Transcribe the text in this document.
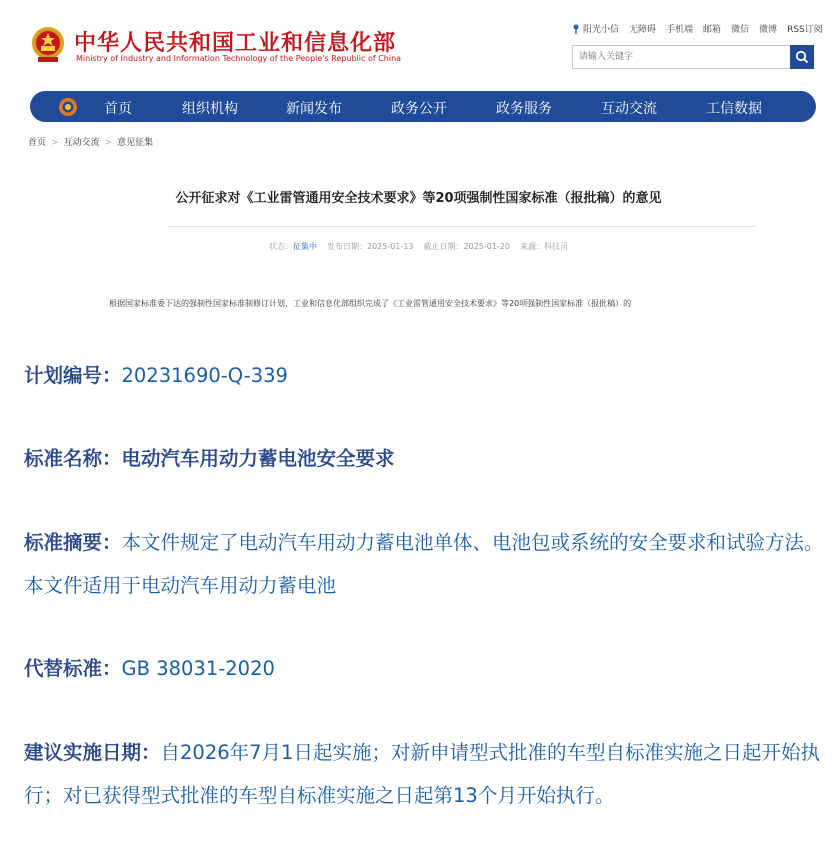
中华人民共和国工业和信息化部
Ministry of Industry and Information Technology of the People's Republic of China
阳光小信 无障碍 手机端 邮箱 微信 微博 RSS订阅
请输入关键字
首页	组织机构	新闻发布	政务公开	政务服务	互动交流	工信数据
首页 > 互动交流 > 意见征集
公开征求对《工业雷管通用安全技术要求》等20项强制性国家标准（报批稿）的意见
状态：征集中 发布日期：2025-01-13 截止日期：2025-01-20 来源：科技司
根据国家标准委下达的强制性国家标准制修订计划，工业和信息化部组织完成了《工业雷管通用安全技术要求》等20项强制性国家标准（报批稿）的
计划编号：20231690-Q-339
标准名称：电动汽车用动力蓄电池安全要求
标准摘要：本文件规定了电动汽车用动力蓄电池单体、电池包或系统的安全要求和试验方法。本文件适用于电动汽车用动力蓄电池
代替标准：GB 38031-2020
建议实施日期：自2026年7月1日起实施；对新申请型式批准的车型自标准实施之日起开始执行；对已获得型式批准的车型自标准实施之日起第13个月开始执行。
